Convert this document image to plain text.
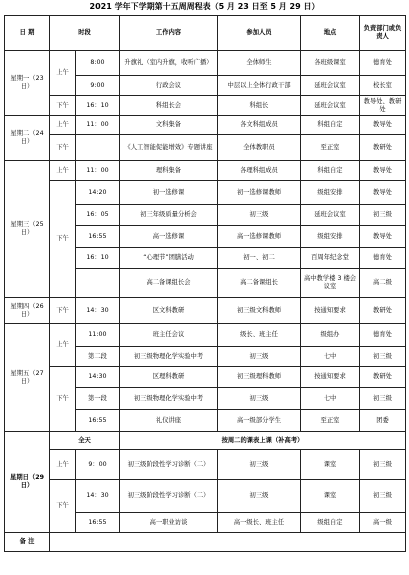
2021 学年下学期第十五周周程表（5 月 23 日至 5 月 29 日）
日 期	时段		工作内容	参加人员	地点	负责部门或负责人
星期一（23 日）	上午	8:00	升旗礼（室内升旗，收听广播）	全体师生	各班级课室	德育处
		9:00	行政会议	中层以上全体行政干部	延班会议室	校长室
	下午	16：10	科组长会	科组长	延班会议室	教导处、教研处
星期二（24 日）	上午	11：00	文科集备	各文科组成员	科组自定	教导处
	下午		《人工智能促能增效》专题讲座	全体教职员	至正室	教研处
星期三（25 日）	上午	11：00	理科集备	各理科组成员	科组自定	教导处
	下午	14:20	初一选修课	初一选修课教师	级组安排	教导处
		16：05	初三年级质量分析会	初三级	延班会议室	初三级
		16:55	高一选修课	高一选修课教师	级组安排	教导处
		16：10	“心理节”团膳活动	初一、初二	百周年纪念堂	德育处
			高二备课组长会	高二备课组长	高中教学楼 3 楼会议室	高二级
星期四（26 日）	下午	14：30	区文科教研	初三级文科教师	按通知要求	教研处
星期五（27 日）	上午	11:00	班主任会议	级长、班主任	级组办	德育处
		第二段	初三级物理化学实验中考	初三级	七中	初三级
	下午	14:30	区理科教研	初三级理科教师	按通知要求	教研处
		第一段	初三级物理化学实验中考	初三级	七中	初三级
		16:55	礼仪讲座	高一级部分学生	至正室	团委
星期日（29 日）	全天		按周二的课表上课（补高考）			
	上午	9：00	初三级阶段性学习诊断（二）	初三级	课室	初三级
	下午	14：30	初三级阶段性学习诊断（二）	初三级	课室	初三级
		16:55	高一职业访谈	高一级长、班主任	级组自定	高一级
备 注						
